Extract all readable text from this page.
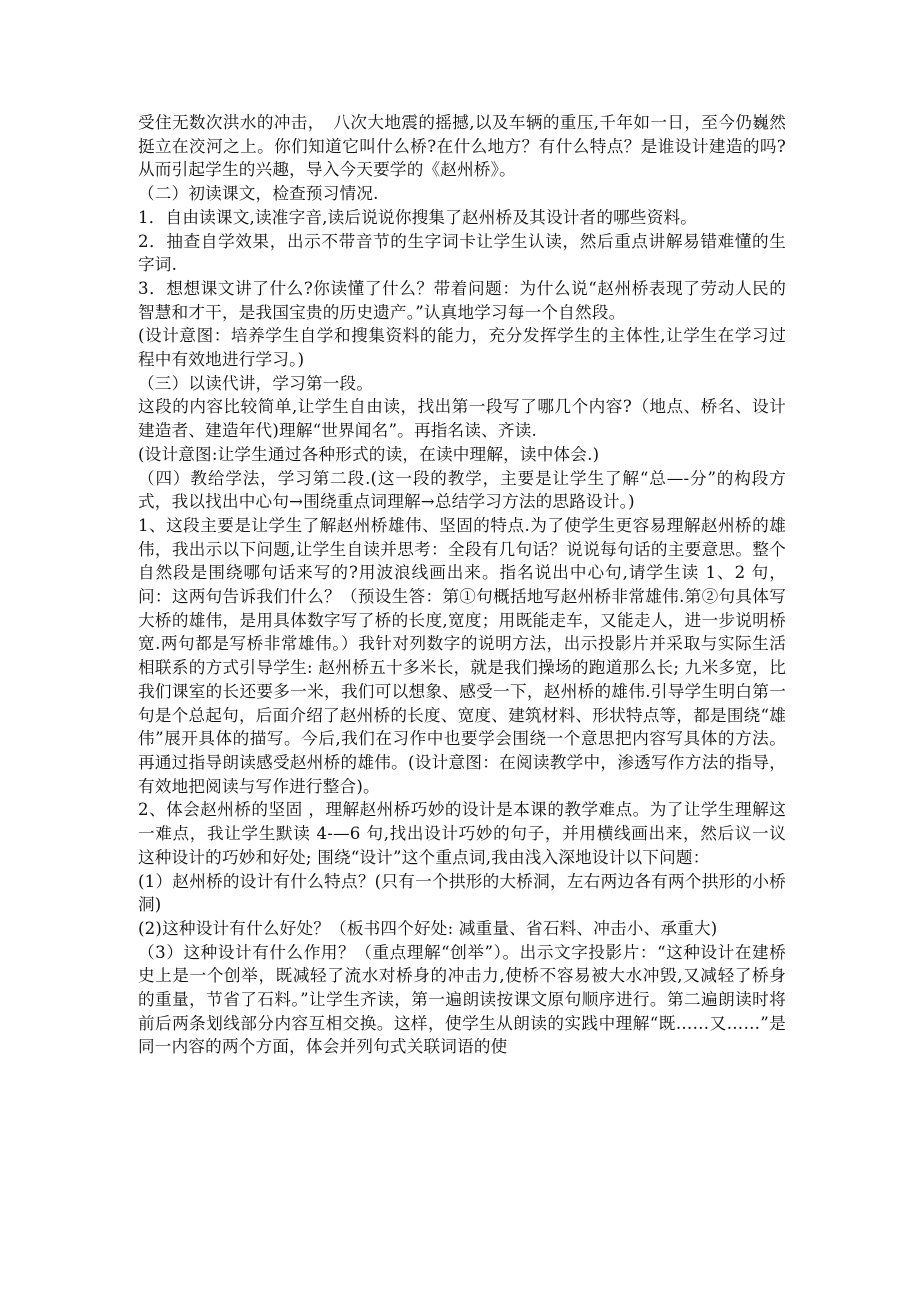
受住无数次洪水的冲击，　八次大地震的摇撼,以及车辆的重压,千年如一日，至今仍巍然挺立在洨河之上。你们知道它叫什么桥?在什么地方？有什么特点？是谁设计建造的吗?从而引起学生的兴趣，导入今天要学的《赵州桥》。

（二）初读课文，检查预习情况.

1．自由读课文,读准字音,读后说说你搜集了赵州桥及其设计者的哪些资料。

2．抽查自学效果，出示不带音节的生字词卡让学生认读，然后重点讲解易错难懂的生字词.

3．想想课文讲了什么?你读懂了什么？带着问题：为什么说“赵州桥表现了劳动人民的智慧和才干，是我国宝贵的历史遗产。”认真地学习每一个自然段。

(设计意图：培养学生自学和搜集资料的能力，充分发挥学生的主体性,让学生在学习过程中有效地进行学习。)

（三）以读代讲，学习第一段。

这段的内容比较简单,让学生自由读，找出第一段写了哪几个内容?（地点、桥名、设计建造者、建造年代)理解“世界闻名”。再指名读、齐读.

(设计意图:让学生通过各种形式的读，在读中理解，读中体会.)

（四）教给学法，学习第二段.(这一段的教学，主要是让学生了解“总—-分”的构段方式，我以找出中心句→围绕重点词理解→总结学习方法的思路设计。)

1、这段主要是让学生了解赵州桥雄伟、坚固的特点.为了使学生更容易理解赵州桥的雄伟，我出示以下问题,让学生自读并思考：全段有几句话？说说每句话的主要意思。整个自然段是围绕哪句话来写的?用波浪线画出来。指名说出中心句,请学生读 1、2 句，问：这两句告诉我们什么？（预设生答：第①句概括地写赵州桥非常雄伟.第②句具体写大桥的雄伟，是用具体数字写了桥的长度,宽度；用既能走车，又能走人，进一步说明桥宽.两句都是写桥非常雄伟。）我针对列数字的说明方法，出示投影片并采取与实际生活相联系的方式引导学生: 赵州桥五十多米长，就是我们操场的跑道那么长; 九米多宽，比我们课室的长还要多一米，我们可以想象、感受一下，赵州桥的雄伟.引导学生明白第一句是个总起句，后面介绍了赵州桥的长度、宽度、建筑材料、形状特点等，都是围绕“雄伟”展开具体的描写。今后,我们在习作中也要学会围绕一个意思把内容写具体的方法。再通过指导朗读感受赵州桥的雄伟。(设计意图：在阅读教学中，渗透写作方法的指导，有效地把阅读与写作进行整合)。

2、体会赵州桥的坚固 ，理解赵州桥巧妙的设计是本课的教学难点。为了让学生理解这一难点，我让学生默读 4-—6 句,找出设计巧妙的句子，并用横线画出来，然后议一议这种设计的巧妙和好处; 围绕“设计”这个重点词,我由浅入深地设计以下问题：

(1）赵州桥的设计有什么特点？(只有一个拱形的大桥洞，左右两边各有两个拱形的小桥洞)

(2)这种设计有什么好处？（板书四个好处: 减重量、省石料、冲击小、承重大)

（3）这种设计有什么作用？（重点理解“创举”）。出示文字投影片：“这种设计在建桥史上是一个创举，既减轻了流水对桥身的冲击力,使桥不容易被大水冲毁,又减轻了桥身的重量，节省了石料。”让学生齐读，第一遍朗读按课文原句顺序进行。第二遍朗读时将前后两条划线部分内容互相交换。这样，使学生从朗读的实践中理解“既……又……”是同一内容的两个方面，体会并列句式关联词语的使
